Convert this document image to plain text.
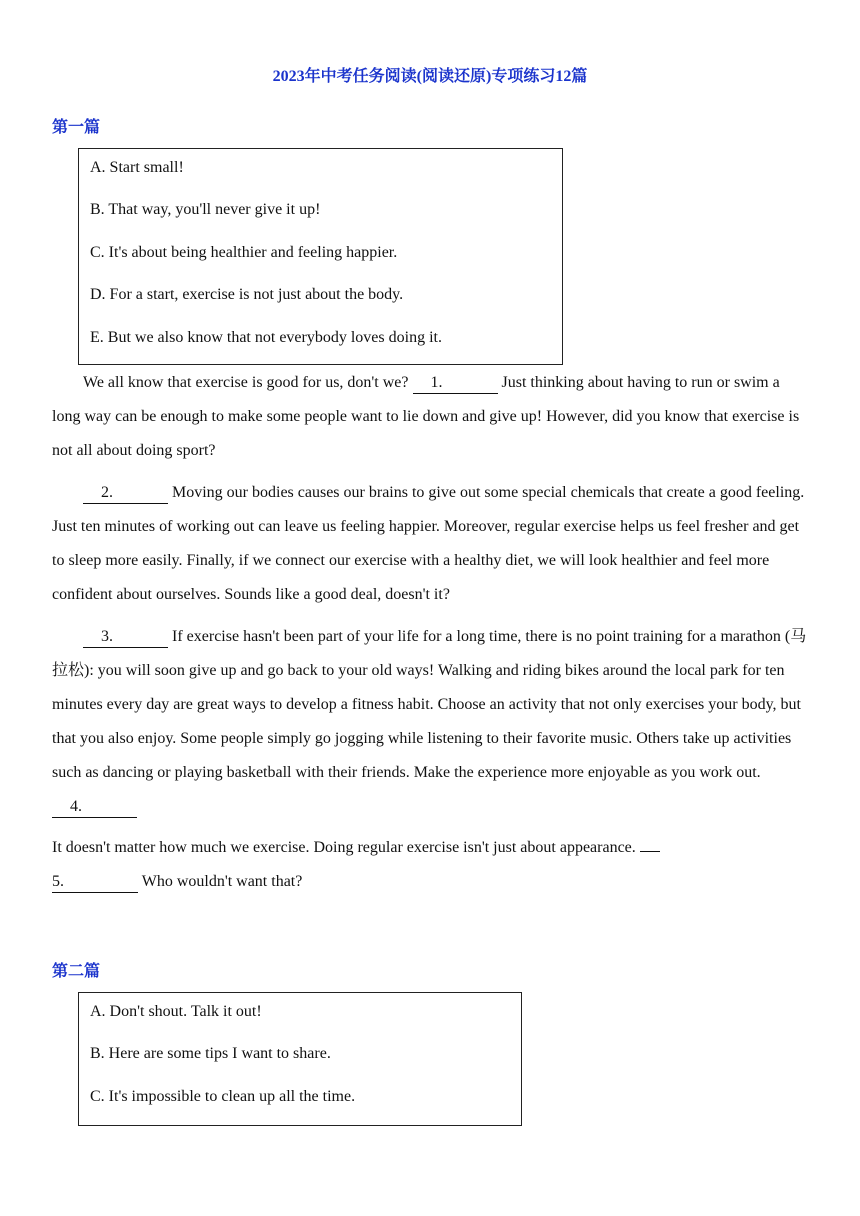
2023年中考任务阅读(阅读还原)专项练习12篇
第一篇
A. Start small!
B. That way, you'll never give it up!
C. It's about being healthier and feeling happier.
D. For a start, exercise is not just about the body.
E. But we also know that not everybody loves doing it.
We all know that exercise is good for us, don't we? 1.	Just thinking about having to run or swim a long way can be enough to make some people want to lie down and give up! However, did you know that exercise is not all about doing sport?
2.	Moving our bodies causes our brains to give out some special chemicals that create a good feeling. Just ten minutes of working out can leave us feeling happier. Moreover, regular exercise helps us feel fresher and get to sleep more easily. Finally, if we connect our exercise with a healthy diet, we will look healthier and feel more confident about ourselves. Sounds like a good deal, doesn't it?
3.	If exercise hasn't been part of your life for a long time, there is no point training for a marathon (马拉松): you will soon give up and go back to your old ways! Walking and riding bikes around the local park for ten minutes every day are great ways to develop a fitness habit. Choose an activity that not only exercises your body, but that you also enjoy. Some people simply go jogging while listening to their favorite music. Others take up activities such as dancing or playing basketball with their friends. Make the experience more enjoyable as you work out. 4.
It doesn't matter how much we exercise. Doing regular exercise isn't just about appearance.
5.	Who wouldn't want that?
第二篇
A. Don't shout. Talk it out!
B. Here are some tips I want to share.
C. It's impossible to clean up all the time.
